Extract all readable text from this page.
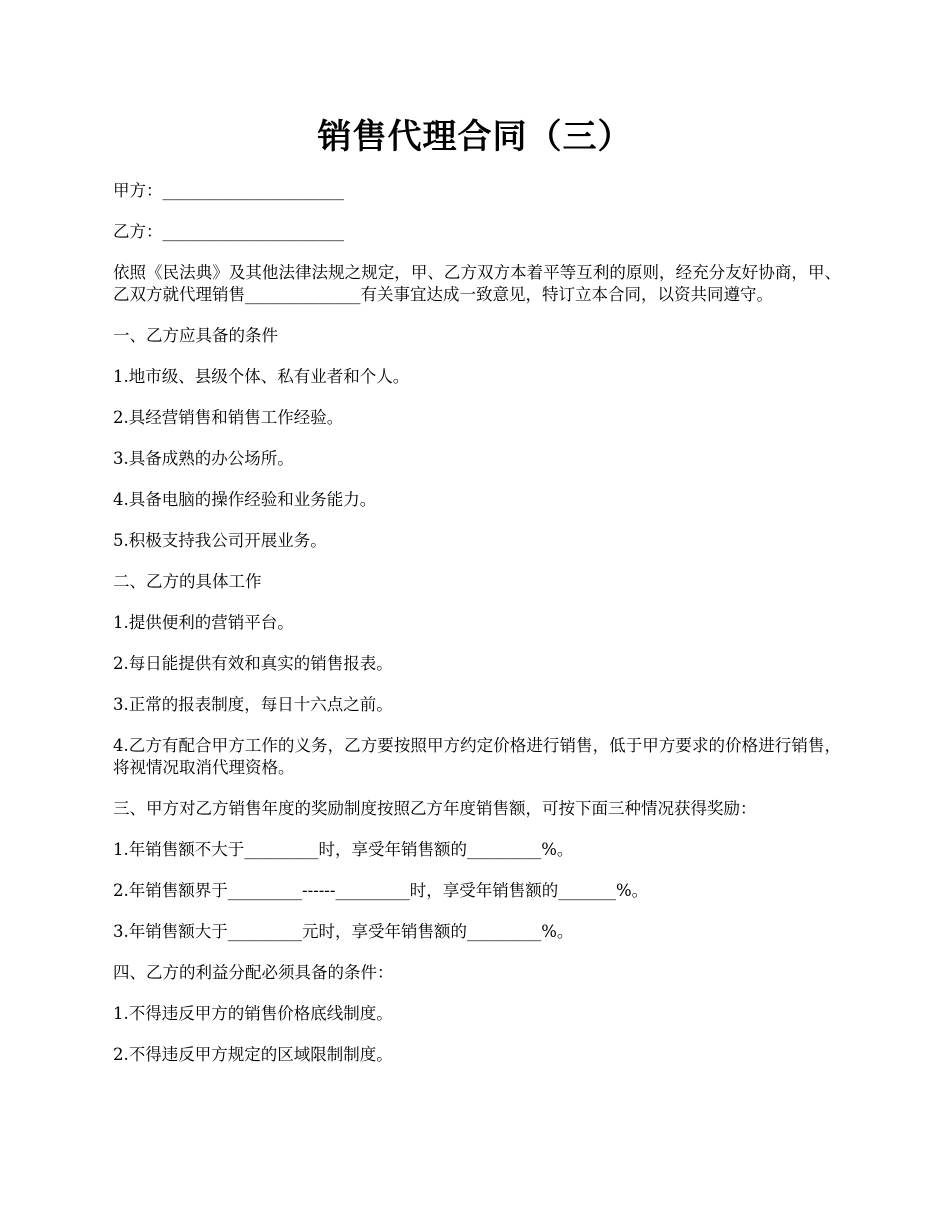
销售代理合同（三）

甲方：______________________

乙方：______________________

依照《民法典》及其他法律法规之规定，甲、乙方双方本着平等互利的原则，经充分友好协商，甲、乙双方就代理销售______________有关事宜达成一致意见，特订立本合同，以资共同遵守。

一、乙方应具备的条件

1.地市级、县级个体、私有业者和个人。

2.具经营销售和销售工作经验。

3.具备成熟的办公场所。

4.具备电脑的操作经验和业务能力。

5.积极支持我公司开展业务。

二、乙方的具体工作

1.提供便利的营销平台。

2.每日能提供有效和真实的销售报表。

3.正常的报表制度，每日十六点之前。

4.乙方有配合甲方工作的义务，乙方要按照甲方约定价格进行销售，低于甲方要求的价格进行销售，将视情况取消代理资格。

三、甲方对乙方销售年度的奖励制度按照乙方年度销售额，可按下面三种情况获得奖励：

1.年销售额不大于_________时，享受年销售额的_________%。

2.年销售额界于_________------_________时，享受年销售额的_______%。

3.年销售额大于_________元时，享受年销售额的_________%。

四、乙方的利益分配必须具备的条件：

1.不得违反甲方的销售价格底线制度。

2.不得违反甲方规定的区域限制制度。
